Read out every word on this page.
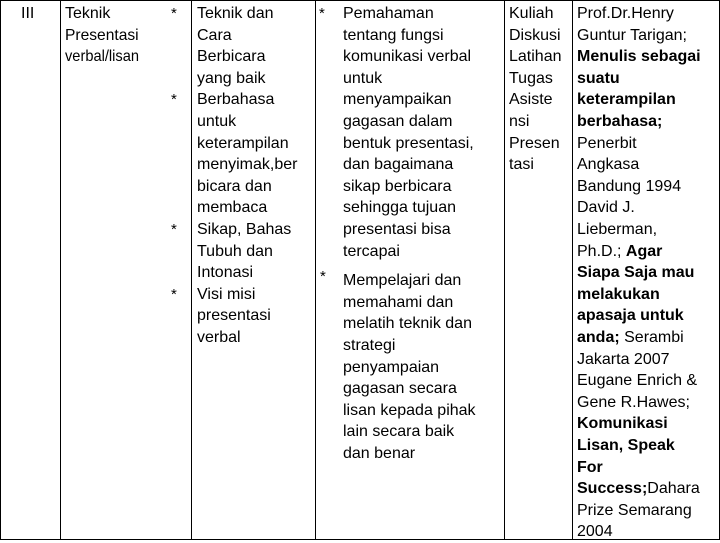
III Teknik
Presentasi
verbal/lisan
*
*
*
*
Teknik dan
Cara
Berbicara
yang baik
Berbahasa
untuk
keterampilan
menyimak,ber
bicara dan
membaca
Sikap, Bahas
Tubuh dan
Intonasi
Visi misi
presentasi
verbal
* Pemahaman
tentang fungsi
komunikasi verbal
untuk
menyampaikan
gagasan dalam
bentuk presentasi,
dan bagaimana
sikap berbicara
sehingga tujuan
presentasi bisa
tercapai
* Mempelajari dan
memahami dan
melatih teknik dan
strategi
penyampaian
gagasan secara
lisan kepada pihak
lain secara baik
dan benar
Kuliah
Diskusi
Latihan
Tugas
Asiste
nsi
Presen
tasi
Prof.Dr.Henry
Guntur Tarigan;
Menulis sebagai
suatu
keterampilan
berbahasa;
Penerbit
Angkasa
Bandung 1994
David J.
Lieberman,
Ph.D.; Agar
Siapa Saja mau
melakukan
apasaja untuk
anda; Serambi
Jakarta 2007
Eugane Enrich &
Gene R.Hawes;
Komunikasi
Lisan, Speak
For
Success;Dahara
Prize Semarang
2004
